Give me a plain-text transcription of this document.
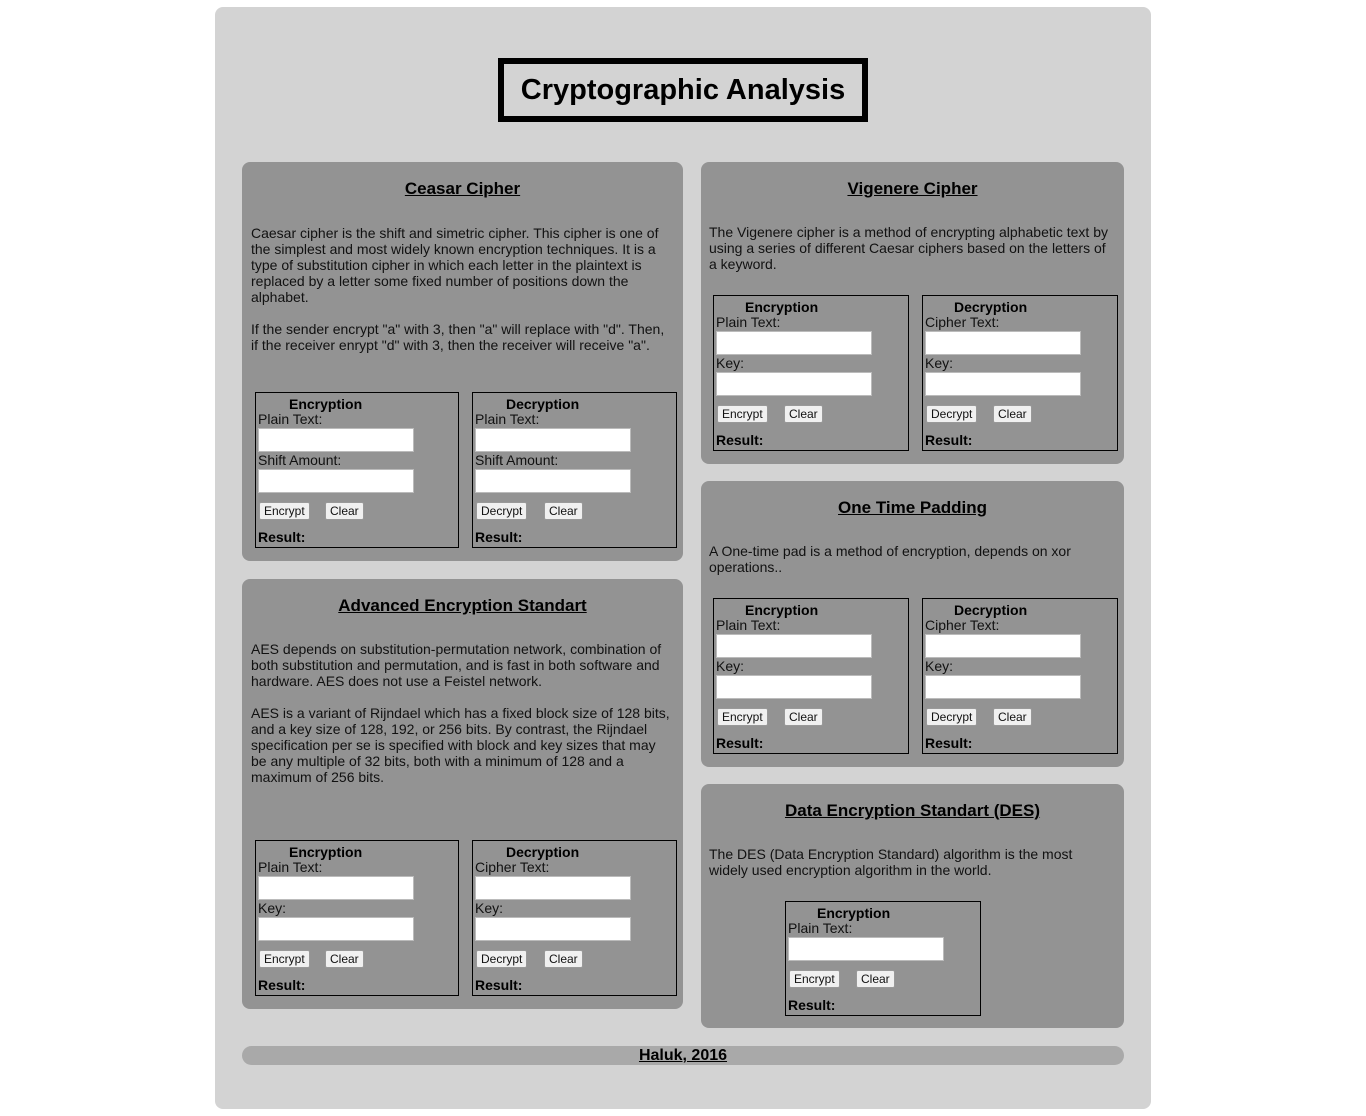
Cryptographic Analysis
Ceasar Cipher

Caesar cipher is the shift and simetric cipher. This cipher is one of the simplest and most widely known encryption techniques. It is a type of substitution cipher in which each letter in the plaintext is replaced by a letter some fixed number of positions down the alphabet.

If the sender encrypt "a" with 3, then "a" will replace with "d". Then, if the receiver enrypt "d" with 3, then the receiver will receive "a".

Encryption
Plain Text:
Shift Amount:
Encrypt	Clear
Result:
Decryption
Plain Text:
Shift Amount:
Decrypt	Clear
Result:
Advanced Encryption Standart

AES depends on substitution-permutation network, combination of both substitution and permutation, and is fast in both software and hardware. AES does not use a Feistel network.

AES is a variant of Rijndael which has a fixed block size of 128 bits, and a key size of 128, 192, or 256 bits. By contrast, the Rijndael specification per se is specified with block and key sizes that may be any multiple of 32 bits, both with a minimum of 128 and a maximum of 256 bits.

Encryption
Plain Text:
Key:
Encrypt	Clear
Result:
Decryption
Cipher Text:
Key:
Decrypt	Clear
Result:
Vigenere Cipher

The Vigenere cipher is a method of encrypting alphabetic text by using a series of different Caesar ciphers based on the letters of a keyword.

Encryption
Plain Text:
Key:
Encrypt	Clear
Result:
Decryption
Cipher Text:
Key:
Decrypt	Clear
Result:
One Time Padding

A One-time pad is a method of encryption, depends on xor operations..

Encryption
Plain Text:
Key:
Encrypt	Clear
Result:
Decryption
Cipher Text:
Key:
Decrypt	Clear
Result:
Data Encryption Standart (DES)

The DES (Data Encryption Standard) algorithm is the most widely used encryption algorithm in the world.

Encryption
Plain Text:
Encrypt	Clear
Result:
Haluk, 2016
